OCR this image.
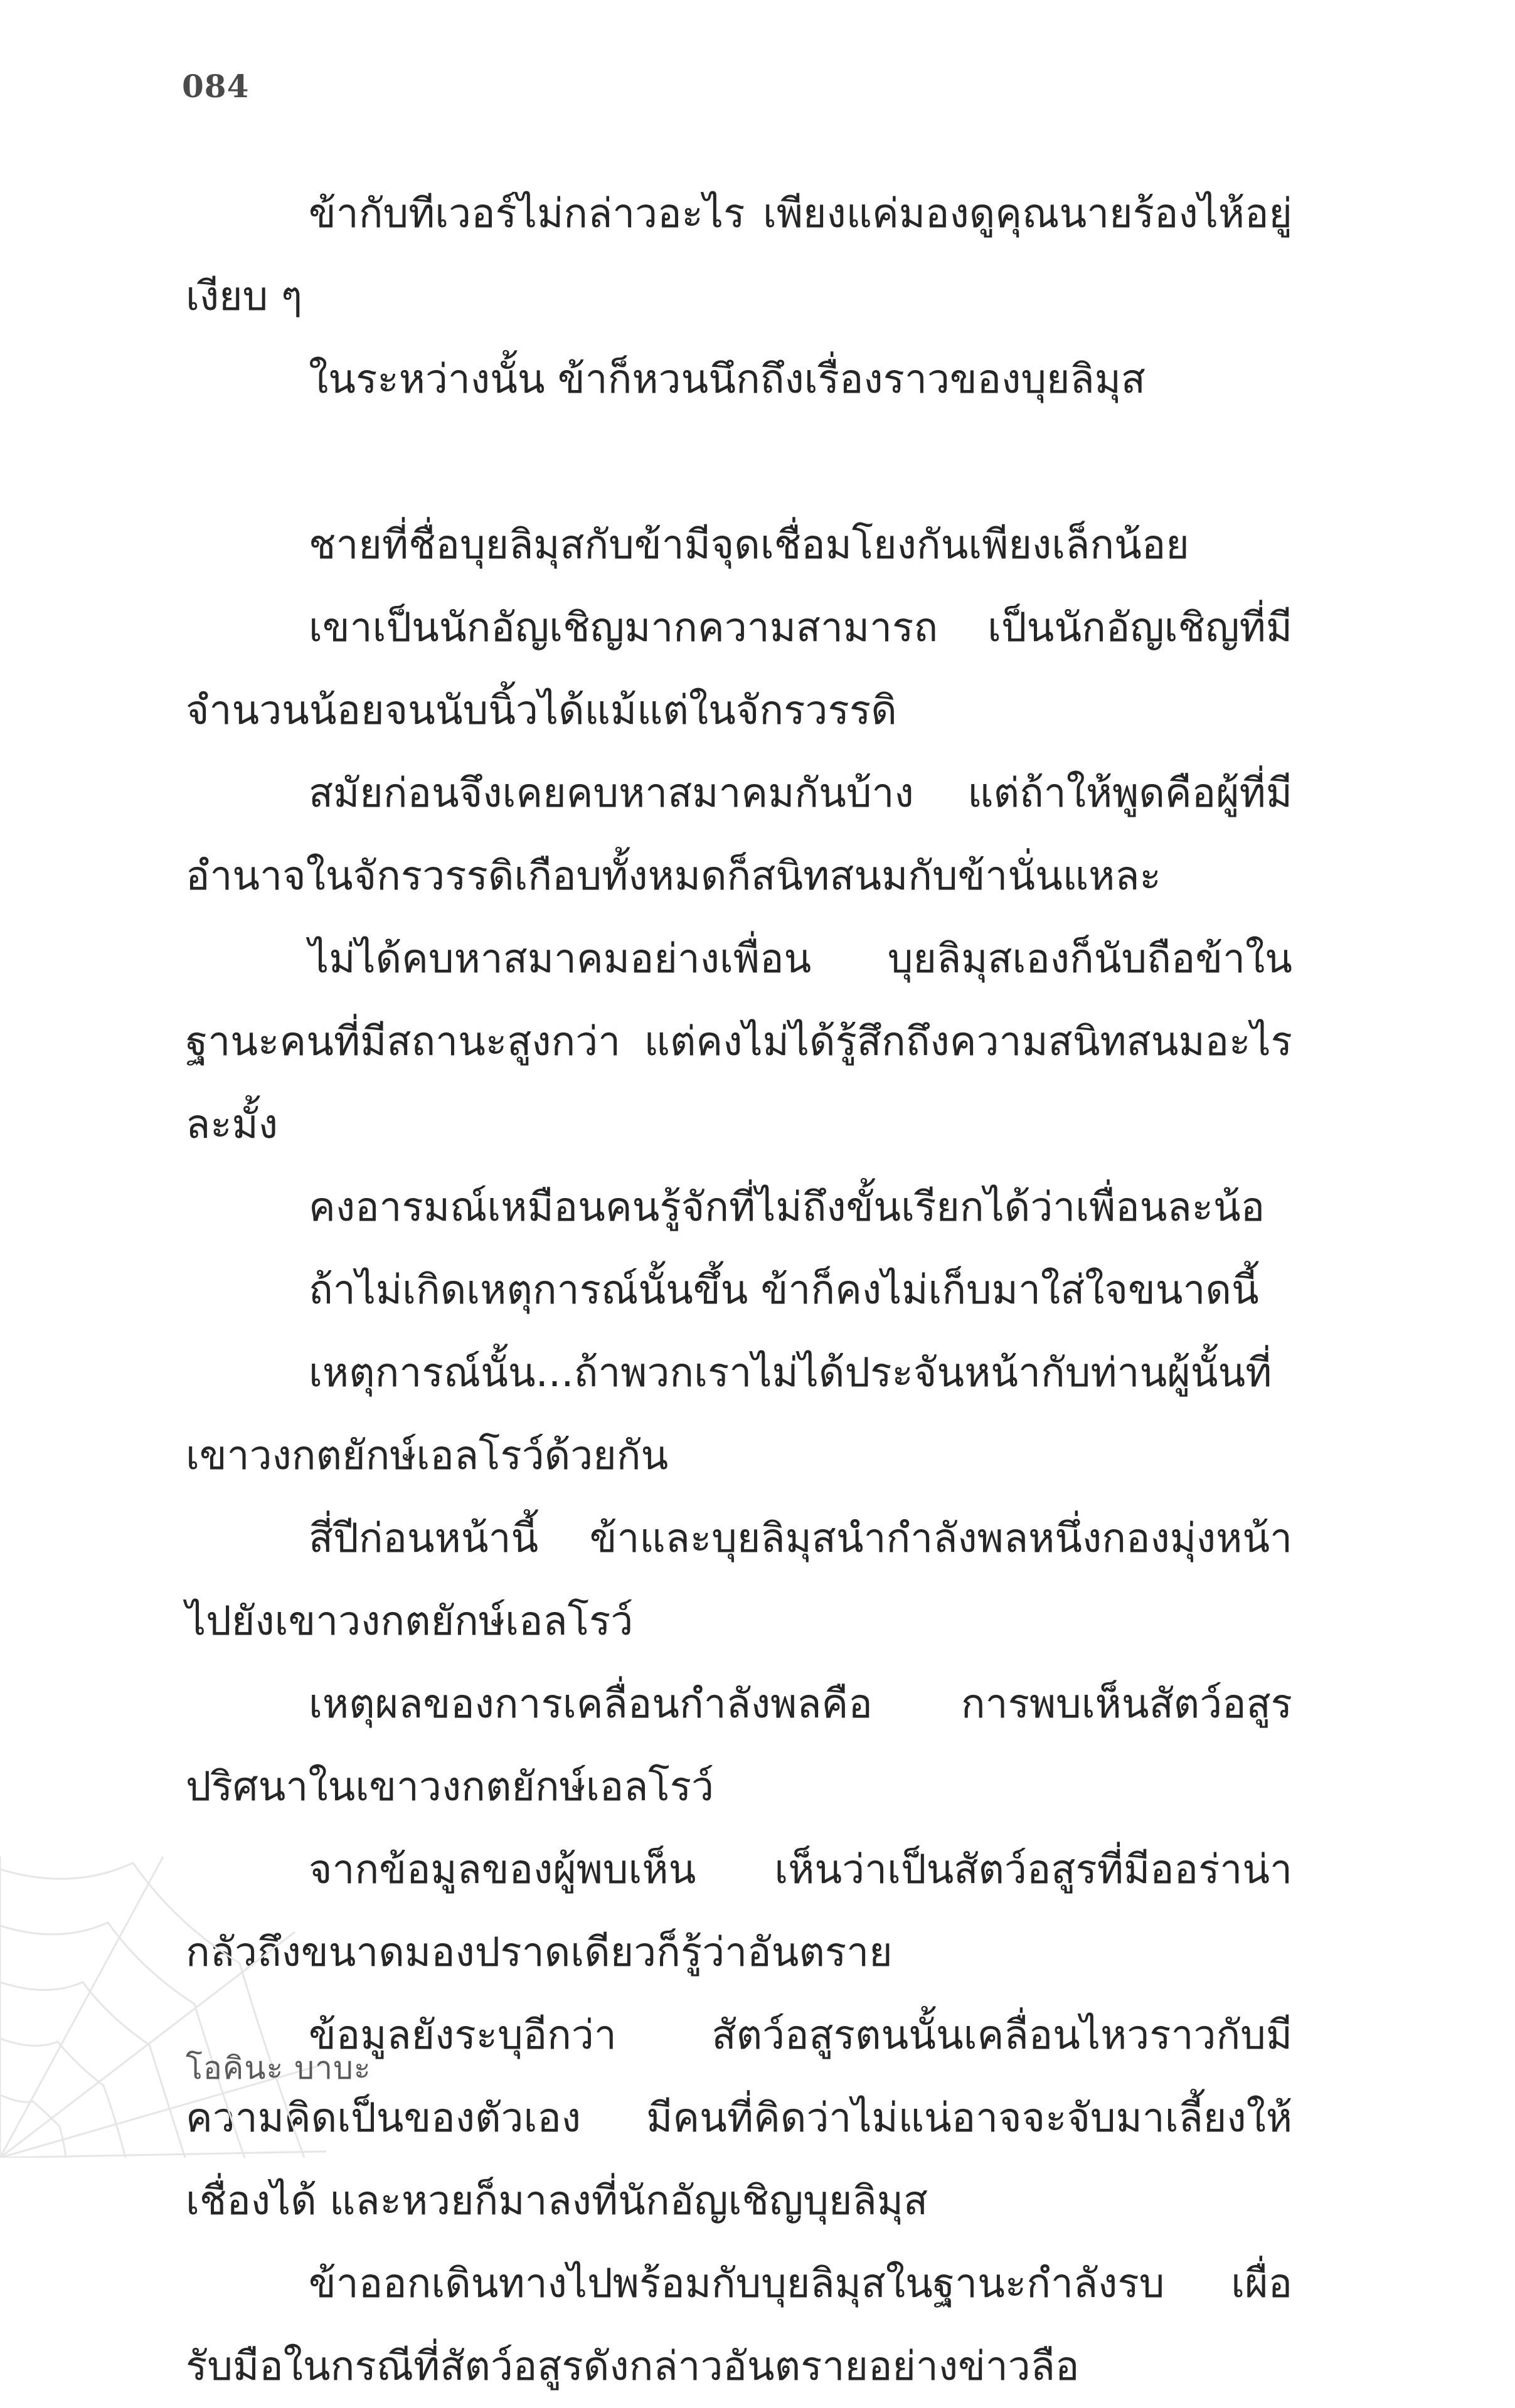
084

ข้ากับทีเวอร์ไม่กล่าวอะไร เพียงแค่มองดูคุณนายร้องไห้อยู่เงียบ ๆ

ในระหว่างนั้น ข้าก็หวนนึกถึงเรื่องราวของบุยลิมุส

ชายที่ชื่อบุยลิมุสกับข้ามีจุดเชื่อมโยงกันเพียงเล็กน้อย

เขาเป็นนักอัญเชิญมากความสามารถ เป็นนักอัญเชิญที่มีจำนวนน้อยจนนับนิ้วได้แม้แต่ในจักรวรรดิ

สมัยก่อนจึงเคยคบหาสมาคมกันบ้าง แต่ถ้าให้พูดคือผู้ที่มีอำนาจในจักรวรรดิเกือบทั้งหมดก็สนิทสนมกับข้านั่นแหละ

ไม่ได้คบหาสมาคมอย่างเพื่อน บุยลิมุสเองก็นับถือข้าในฐานะคนที่มีสถานะสูงกว่า แต่คงไม่ได้รู้สึกถึงความสนิทสนมอะไรละมั้ง

คงอารมณ์เหมือนคนรู้จักที่ไม่ถึงขั้นเรียกได้ว่าเพื่อนละน้อ

ถ้าไม่เกิดเหตุการณ์นั้นขึ้น ข้าก็คงไม่เก็บมาใส่ใจขนาดนี้

เหตุการณ์นั้น...ถ้าพวกเราไม่ได้ประจันหน้ากับท่านผู้นั้นที่เขาวงกตยักษ์เอลโรว์ด้วยกัน

สี่ปีก่อนหน้านี้ ข้าและบุยลิมุสนำกำลังพลหนึ่งกองมุ่งหน้าไปยังเขาวงกตยักษ์เอลโรว์

เหตุผลของการเคลื่อนกำลังพลคือ การพบเห็นสัตว์อสูรปริศนาในเขาวงกตยักษ์เอลโรว์

จากข้อมูลของผู้พบเห็น เห็นว่าเป็นสัตว์อสูรที่มีออร่าน่ากลัวถึงขนาดมองปราดเดียวก็รู้ว่าอันตราย

ข้อมูลยังระบุอีกว่า สัตว์อสูรตนนั้นเคลื่อนไหวราวกับมีความคิดเป็นของตัวเอง มีคนที่คิดว่าไม่แน่อาจจะจับมาเลี้ยงให้เชื่องได้ และหวยก็มาลงที่นักอัญเชิญบุยลิมุส

ข้าออกเดินทางไปพร้อมกับบุยลิมุสในฐานะกำลังรบ เผื่อรับมือในกรณีที่สัตว์อสูรดังกล่าวอันตรายอย่างข่าวลือ

โอคินะ บาบะ
